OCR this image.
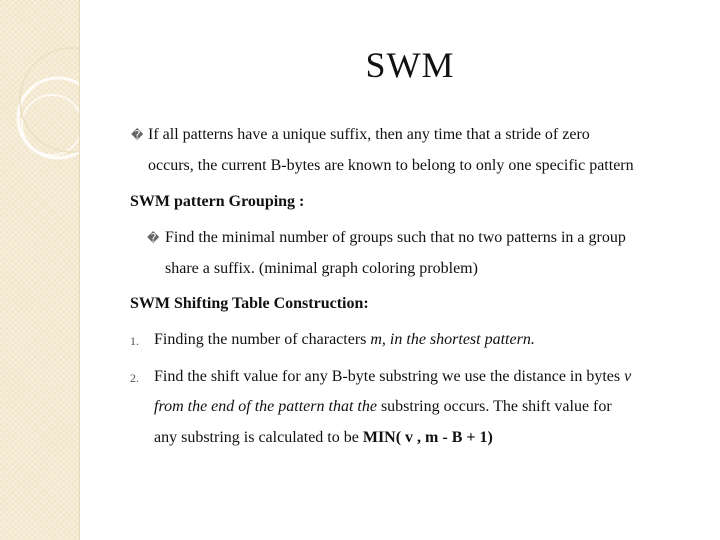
SWM
� If all patterns have a unique suffix, then any time that a stride of zero
occurs, the current B-bytes are known to belong to only one specific pattern
SWM pattern Grouping :
� Find the minimal number of groups such that no two patterns in a group
share a suffix. (minimal graph coloring problem)
SWM Shifting Table Construction:
1. Finding the number of characters m, in the shortest pattern.
2. Find the shift value for any B-byte substring we use the distance in bytes v
from the end of the pattern that the substring occurs. The shift value for
any substring is calculated to be MIN( v , m - B + 1)
